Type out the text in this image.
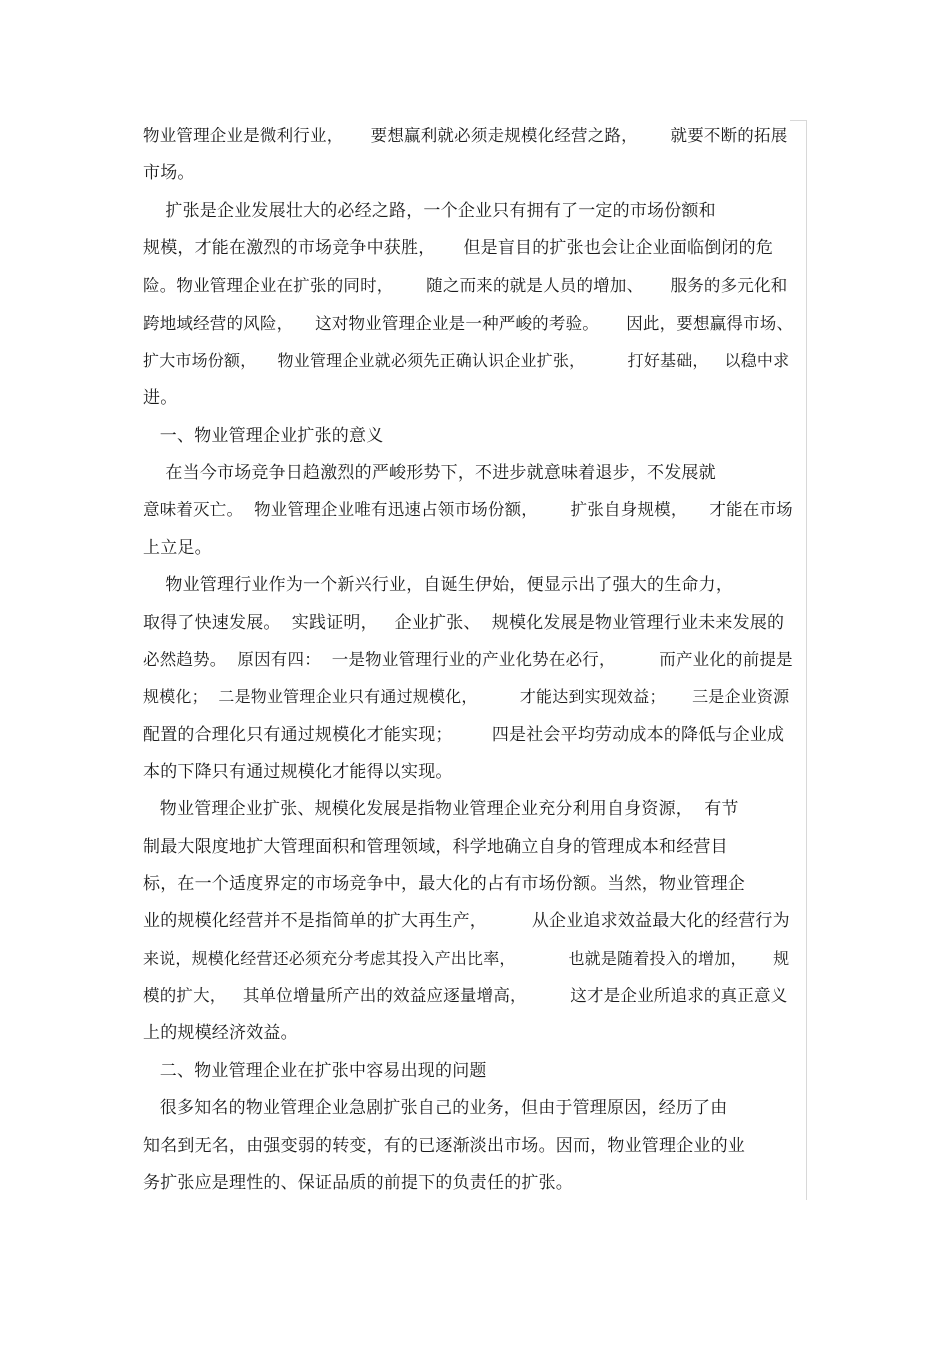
物业管理企业是微利行业，     要想赢利就必须走规模化经营之路，      就要不断的拓展

市场。

扩张是企业发展壮大的必经之路，一个企业只有拥有了一定的市场份额和

规模，才能在激烈的市场竞争中获胜，     但是盲目的扩张也会让企业面临倒闭的危

险。物业管理企业在扩张的同时，      随之而来的就是人员的增加、     服务的多元化和

跨地域经营的风险，    这对物业管理企业是一种严峻的考验。     因此，要想赢得市场、

扩大市场份额，    物业管理企业就必须先正确认识企业扩张，        打好基础，   以稳中求

进。

一、物业管理企业扩张的意义

在当今市场竞争日趋激烈的严峻形势下，不进步就意味着退步，不发展就

意味着灭亡。  物业管理企业唯有迅速占领市场份额，      扩张自身规模，    才能在市场

上立足。

物业管理行业作为一个新兴行业，自诞生伊始，便显示出了强大的生命力，

取得了快速发展。  实践证明，   企业扩张、  规模化发展是物业管理行业未来发展的

必然趋势。  原因有四：  一是物业管理行业的产业化势在必行，        而产业化的前提是

规模化；  二是物业管理企业只有通过规模化，        才能达到实现效益；     三是企业资源

配置的合理化只有通过规模化才能实现；       四是社会平均劳动成本的降低与企业成

本的下降只有通过规模化才能得以实现。

物业管理企业扩张、规模化发展是指物业管理企业充分利用自身资源，  有节

制最大限度地扩大管理面积和管理领域，科学地确立自身的管理成本和经营目

标，在一个适度界定的市场竞争中，最大化的占有市场份额。当然，物业管理企

业的规模化经营并不是指简单的扩大再生产，        从企业追求效益最大化的经营行为

来说，规模化经营还必须充分考虑其投入产出比率，          也就是随着投入的增加，     规

模的扩大，   其单位增量所产出的效益应逐量增高，        这才是企业所追求的真正意义

上的规模经济效益。

二、物业管理企业在扩张中容易出现的问题

很多知名的物业管理企业急剧扩张自己的业务，但由于管理原因，经历了由

知名到无名，由强变弱的转变，有的已逐渐淡出市场。因而，物业管理企业的业

务扩张应是理性的、保证品质的前提下的负责任的扩张。
